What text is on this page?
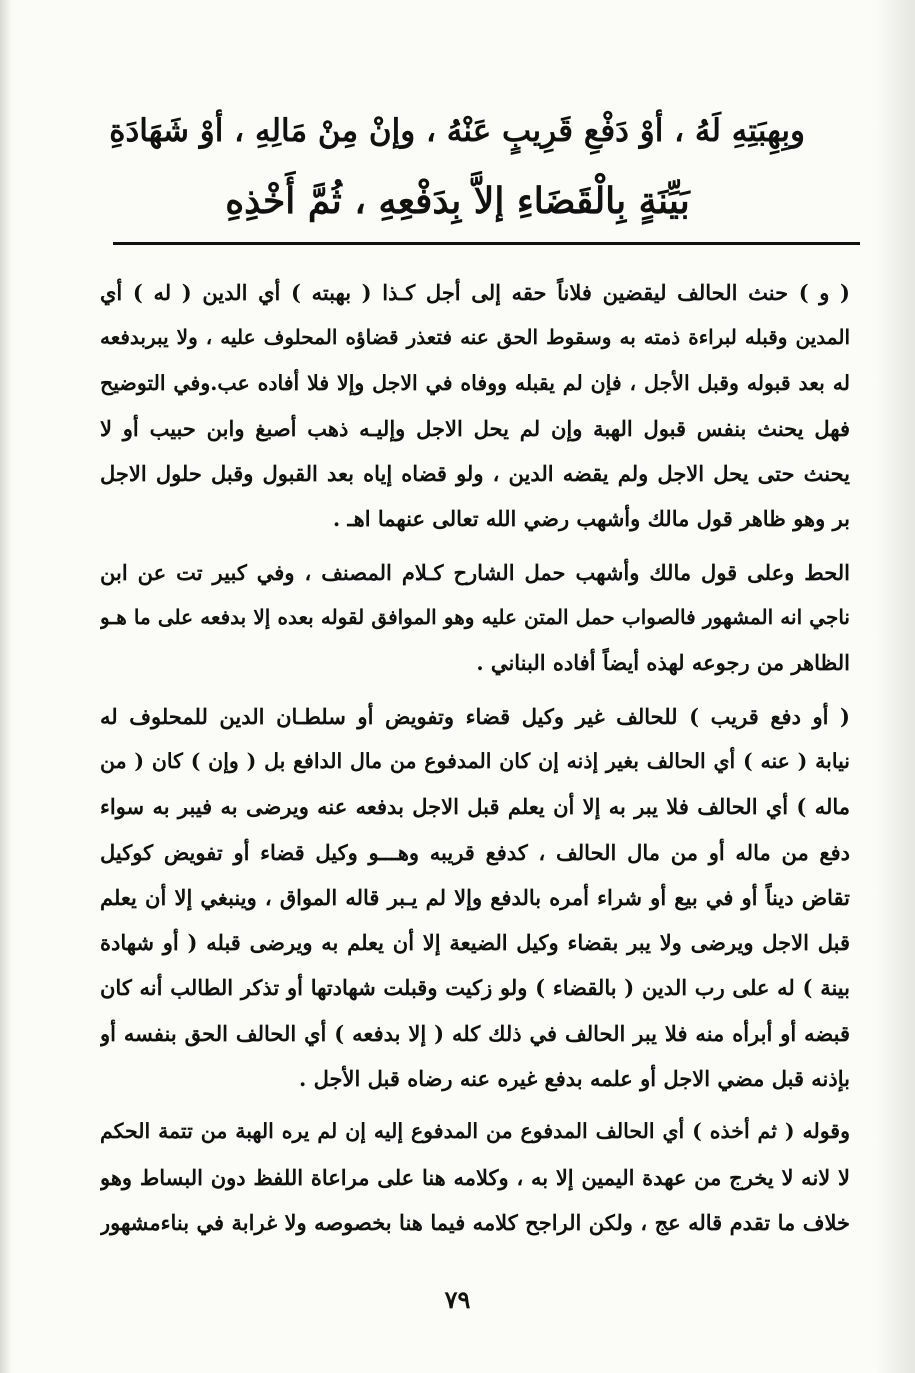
وبِهِبَتِهِ لَهُ ، أوْ دَفْعِ قَرِيبٍ عَنْهُ ، وإنْ مِنْ مَالِهِ ، أوْ شَهَادَةِ
بَيِّنَةٍ بِالْقَضَاءِ إلاَّ بِدَفْعِهِ ، ثُمَّ أَخْذِهِ
( و ) حنث الحالف ليقضين فلاناً حقه إلى أجل كـذا ( بهبته ) أي الدين ( له ) أي
المدين وقبله لبراءة ذمته به وسقوط الحق عنه فتعذر قضاؤه المحلوف عليه ، ولا يبربدفعه
له بعد قبوله وقبل الأجل ، فإن لم يقبله ووفاه في الاجل وإلا فلا أفاده عب.وفي التوضيح
فهل يحنث بنفس قبول الهبة وإن لم يحل الاجل وإليـه ذهب أصبغ وابن حبيب أو لا
يحنث حتى يحل الاجل ولم يقضه الدين ، ولو قضاه إياه بعد القبول وقبل حلول الاجل
بر وهو ظاهر قول مالك وأشهب رضي الله تعالى عنهما اهـ .
الحط وعلى قول مالك وأشهب حمل الشارح كـلام المصنف ، وفي كبير تت عن ابن
ناجي انه المشهور فالصواب حمل المتن عليه وهو الموافق لقوله بعده إلا بدفعه على ما هـو
الظاهر من رجوعه لهذه أيضاً أفاده البناني .
( أو دفع قريب ) للحالف غير وكيل قضاء وتفويض أو سلطـان الدين للمحلوف له
نيابة ( عنه ) أي الحالف بغير إذنه إن كان المدفوع من مال الدافع بل ( وإن ) كان ( من
ماله ) أي الحالف فلا يبر به إلا أن يعلم قبل الاجل بدفعه عنه ويرضى به فيبر به سواء
دفع من ماله أو من مال الحالف ، كدفع قريبه وهـــو وكيل قضاء أو تفويض كوكيل
تقاض ديناً أو في بيع أو شراء أمره بالدفع وإلا لم يـبر قاله المواق ، وينبغي إلا أن يعلم
قبل الاجل ويرضى ولا يبر بقضاء وكيل الضيعة إلا أن يعلم به ويرضى قبله ( أو شهادة
بينة ) له على رب الدين ( بالقضاء ) ولو زكيت وقبلت شهادتها أو تذكر الطالب أنه كان
قبضه أو أبرأه منه فلا يبر الحالف في ذلك كله ( إلا بدفعه ) أي الحالف الحق بنفسه أو
بإذنه قبل مضي الاجل أو علمه بدفع غيره عنه رضاه قبل الأجل .
وقوله ( ثم أخذه ) أي الحالف المدفوع من المدفوع إليه إن لم يره الهبة من تتمة الحكم
لا لانه لا يخرج من عهدة اليمين إلا به ، وكلامه هنا على مراعاة اللفظ دون البساط وهو
خلاف ما تقدم قاله عج ، ولكن الراجح كلامه فيما هنا بخصوصه ولا غرابة في بناءمشهور
٧٩
